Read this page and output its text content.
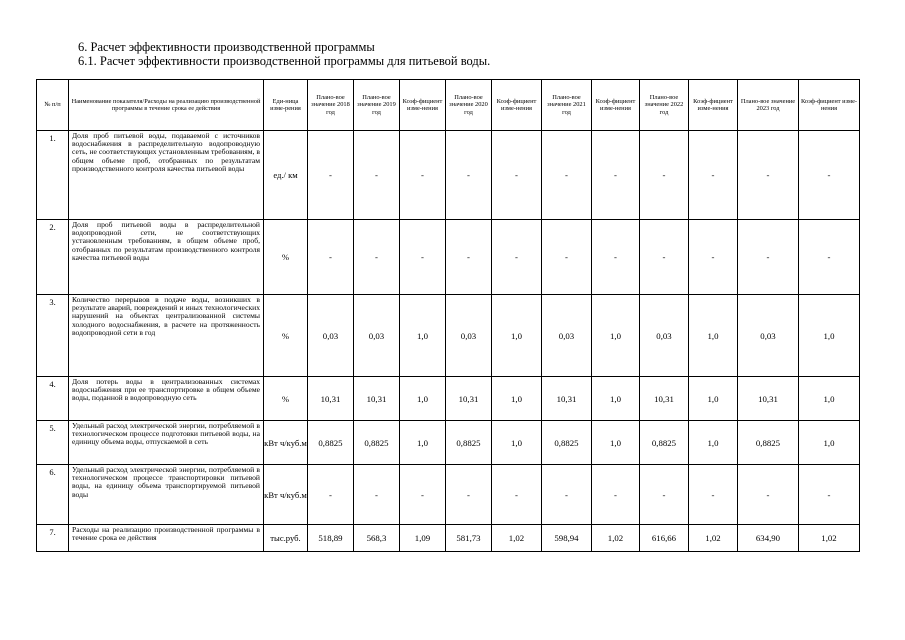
6. Расчет эффективности производственной программы
6.1. Расчет эффективности производственной программы для питьевой воды.
№ п/п	Наименование показателя/Расходы на реализацию производственной программы в течение срока ее действия	Еди-ница изме-рения	Плано-вое значение 2018 год	Плано-вое значение 2019 год	Коэф-фициент изме-нения	Плано-вое значение 2020 год	Коэф-фициент изме-нения	Плано-вое значение 2021 год	Коэф-фициент изме-нения	Плано-вое значение 2022 год	Коэф-фициент изме-нения	Плано-вое значение 2023 год	Коэф-фициент изме-нения
1.	Доля проб питьевой воды, подаваемой с источников водоснабжения в распределительную водопроводную сеть, не соответствующих установленным требованиям, в общем объеме проб, отобранных по результатам производственного контроля качества питьевой воды	ед./ км	-	-	-	-	-	-	-	-	-	-	-
2.	Доля проб питьевой воды в распределительной водопроводной сети, не соответствующих установленным требованиям, в общем объеме проб, отобранных по результатам производственного контроля качества питьевой воды	%	-	-	-	-	-	-	-	-	-	-	-
3.	Количество перерывов в подаче воды, возникших в результате аварий, повреждений и иных технологических нарушений на объектах централизованной системы холодного водоснабжения, в расчете на протяженность водопроводной сети в год	%	0,03	0,03	1,0	0,03	1,0	0,03	1,0	0,03	1,0	0,03	1,0
4.	Доля потерь воды в централизованных системах водоснабжения при ее транспортировке в общем объеме воды, поданной в водопроводную сеть	%	10,31	10,31	1,0	10,31	1,0	10,31	1,0	10,31	1,0	10,31	1,0
5.	Удельный расход электрической энергии, потребляемой в технологическом процессе подготовки питьевой воды, на единицу объема воды, отпускаемой в сеть	кВт ч/куб.м	0,8825	0,8825	1,0	0,8825	1,0	0,8825	1,0	0,8825	1,0	0,8825	1,0
6.	Удельный расход электрической энергии, потребляемой в технологическом процессе транспортировки питьевой воды, на единицу объема транспортируемой питьевой воды	кВт ч/куб.м	-	-	-	-	-	-	-	-	-	-	-
7.	Расходы на реализацию производственной программы в течение срока ее действия	тыс.руб.	518,89	568,3	1,09	581,73	1,02	598,94	1,02	616,66	1,02	634,90	1,02
